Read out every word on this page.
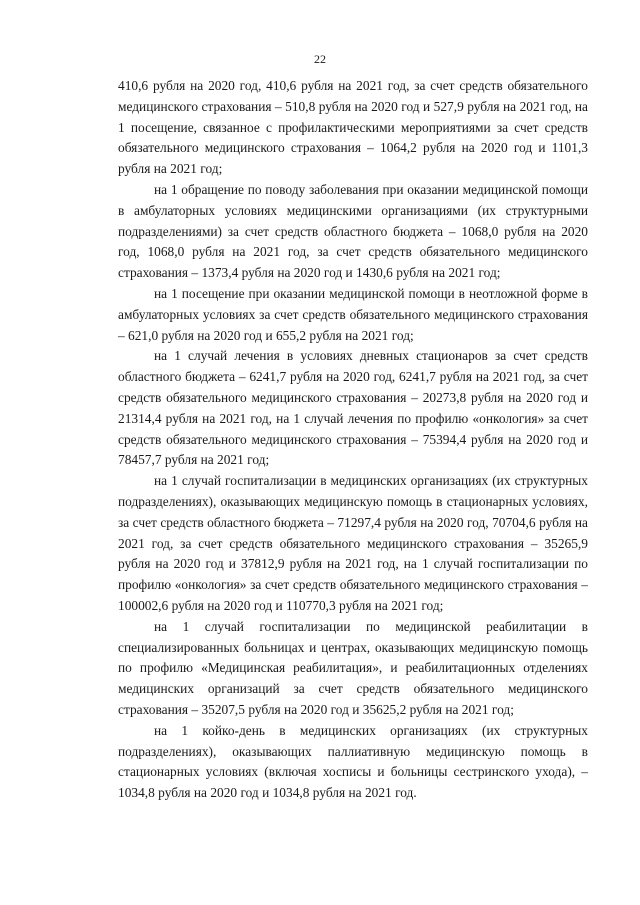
22

410,6 рубля на 2020 год, 410,6 рубля на 2021 год, за счет средств обязательного медицинского страхования – 510,8 рубля на 2020 год и 527,9 рубля на 2021 год, на 1 посещение, связанное с профилактическими мероприятиями за счет средств обязательного медицинского страхования – 1064,2 рубля на 2020 год и 1101,3 рубля на 2021 год;

на 1 обращение по поводу заболевания при оказании медицинской помощи в амбулаторных условиях медицинскими организациями (их структурными подразделениями) за счет средств областного бюджета – 1068,0 рубля на 2020 год, 1068,0 рубля на 2021 год, за счет средств обязательного медицинского страхования – 1373,4 рубля на 2020 год и 1430,6 рубля на 2021 год;

на 1 посещение при оказании медицинской помощи в неотложной форме в амбулаторных условиях за счет средств обязательного медицинского страхования – 621,0 рубля на 2020 год и 655,2 рубля на 2021 год;

на 1 случай лечения в условиях дневных стационаров за счет средств областного бюджета – 6241,7 рубля на 2020 год, 6241,7 рубля на 2021 год, за счет средств обязательного медицинского страхования – 20273,8 рубля на 2020 год и 21314,4 рубля на 2021 год, на 1 случай лечения по профилю «онкология» за счет средств обязательного медицинского страхования – 75394,4 рубля на 2020 год и 78457,7 рубля на 2021 год;

на 1 случай госпитализации в медицинских организациях (их структурных подразделениях), оказывающих медицинскую помощь в стационарных условиях, за счет средств областного бюджета – 71297,4 рубля на 2020 год, 70704,6 рубля на 2021 год, за счет средств обязательного медицинского страхования – 35265,9 рубля на 2020 год и 37812,9 рубля на 2021 год, на 1 случай госпитализации по профилю «онкология» за счет средств обязательного медицинского страхования – 100002,6 рубля на 2020 год и 110770,3 рубля на 2021 год;

на 1 случай госпитализации по медицинской реабилитации в специализированных больницах и центрах, оказывающих медицинскую помощь по профилю «Медицинская реабилитация», и реабилитационных отделениях медицинских организаций за счет средств обязательного медицинского страхования – 35207,5 рубля на 2020 год и 35625,2 рубля на 2021 год;

на 1 койко-день в медицинских организациях (их структурных подразделениях), оказывающих паллиативную медицинскую помощь в стационарных условиях (включая хосписы и больницы сестринского ухода), – 1034,8 рубля на 2020 год и 1034,8 рубля на 2021 год.
